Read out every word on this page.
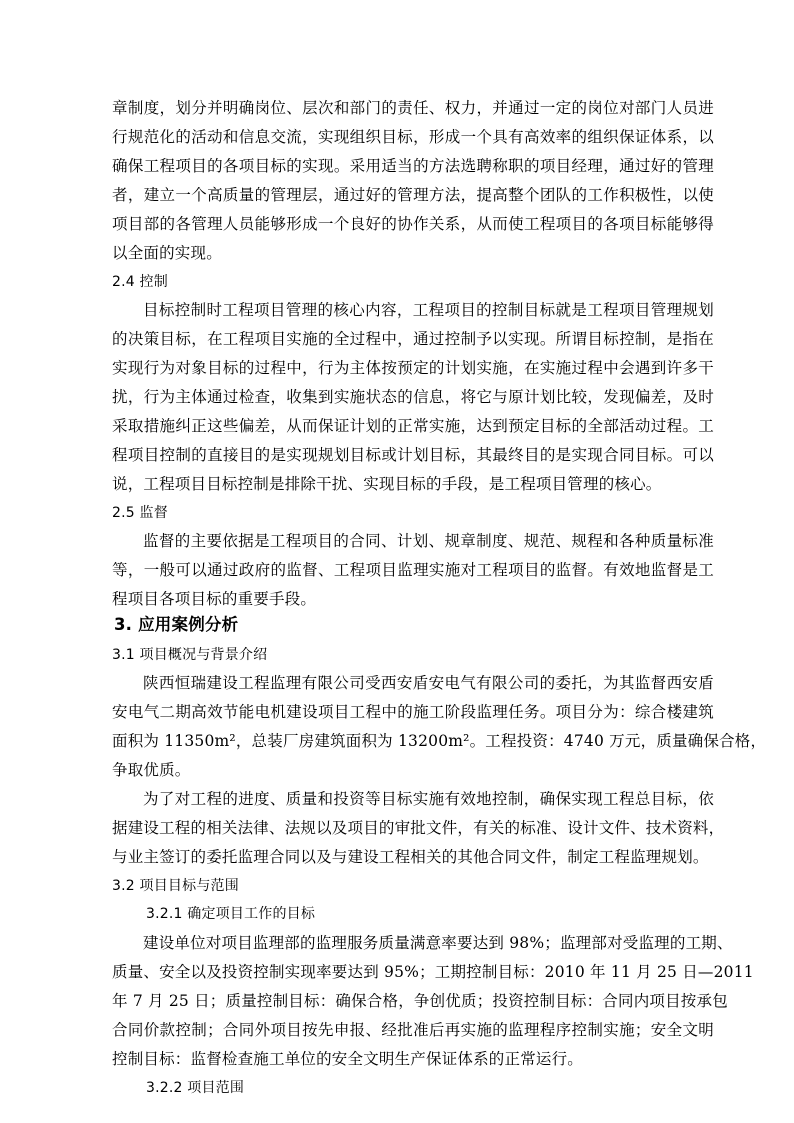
章制度，划分并明确岗位、层次和部门的责任、权力，并通过一定的岗位对部门人员进
行规范化的活动和信息交流，实现组织目标，形成一个具有高效率的组织保证体系，以
确保工程项目的各项目标的实现。采用适当的方法选聘称职的项目经理，通过好的管理
者，建立一个高质量的管理层，通过好的管理方法，提高整个团队的工作积极性，以使
项目部的各管理人员能够形成一个良好的协作关系，从而使工程项目的各项目标能够得
以全面的实现。
2.4 控制
目标控制时工程项目管理的核心内容，工程项目的控制目标就是工程项目管理规划
的决策目标，在工程项目实施的全过程中，通过控制予以实现。所谓目标控制，是指在
实现行为对象目标的过程中，行为主体按预定的计划实施，在实施过程中会遇到许多干
扰，行为主体通过检查，收集到实施状态的信息，将它与原计划比较，发现偏差，及时
采取措施纠正这些偏差，从而保证计划的正常实施，达到预定目标的全部活动过程。工
程项目控制的直接目的是实现规划目标或计划目标，其最终目的是实现合同目标。可以
说，工程项目目标控制是排除干扰、实现目标的手段，是工程项目管理的核心。
2.5 监督
监督的主要依据是工程项目的合同、计划、规章制度、规范、规程和各种质量标准
等，一般可以通过政府的监督、工程项目监理实施对工程项目的监督。有效地监督是工
程项目各项目标的重要手段。
3. 应用案例分析
3.1 项目概况与背景介绍
陕西恒瑞建设工程监理有限公司受西安盾安电气有限公司的委托，为其监督西安盾
安电气二期高效节能电机建设项目工程中的施工阶段监理任务。项目分为：综合楼建筑
面积为 11350m²，总装厂房建筑面积为 13200m²。工程投资：4740 万元，质量确保合格，
争取优质。
为了对工程的进度、质量和投资等目标实施有效地控制，确保实现工程总目标，依
据建设工程的相关法律、法规以及项目的审批文件，有关的标准、设计文件、技术资料，
与业主签订的委托监理合同以及与建设工程相关的其他合同文件，制定工程监理规划。
3.2 项目目标与范围
3.2.1 确定项目工作的目标
建设单位对项目监理部的监理服务质量满意率要达到 98%；监理部对受监理的工期、
质量、安全以及投资控制实现率要达到 95%；工期控制目标：2010 年 11 月 25 日—2011
年 7 月 25 日；质量控制目标：确保合格，争创优质；投资控制目标：合同内项目按承包
合同价款控制；合同外项目按先申报、经批准后再实施的监理程序控制实施；安全文明
控制目标：监督检查施工单位的安全文明生产保证体系的正常运行。
3.2.2 项目范围
